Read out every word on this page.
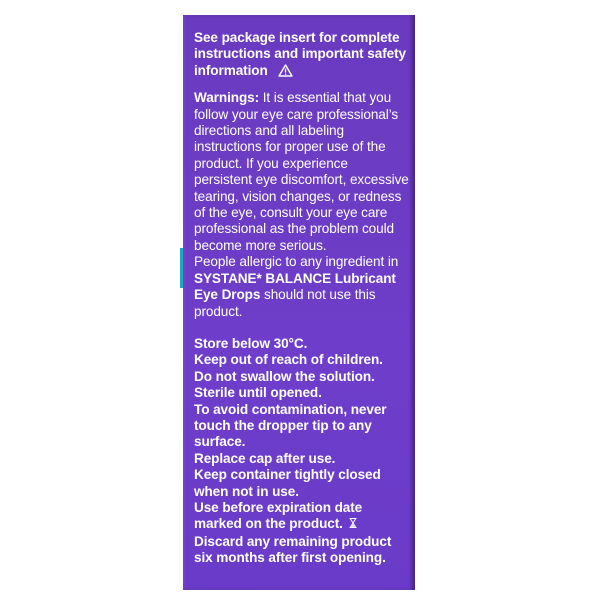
See package insert for complete instructions and important safety information

Warnings: It is essential that you follow your eye care professional’s directions and all labeling instructions for proper use of the product. If you experience persistent eye discomfort, excessive tearing, vision changes, or redness of the eye, consult your eye care professional as the problem could become more serious.

People allergic to any ingredient in SYSTANE* BALANCE Lubricant Eye Drops should not use this product.

Store below 30°C.

Keep out of reach of children.

Do not swallow the solution.

Sterile until opened.

To avoid contamination, never touch the dropper tip to any surface.

Replace cap after use.

Keep container tightly closed when not in use.

Use before expiration date marked on the product.

Discard any remaining product six months after first opening.
